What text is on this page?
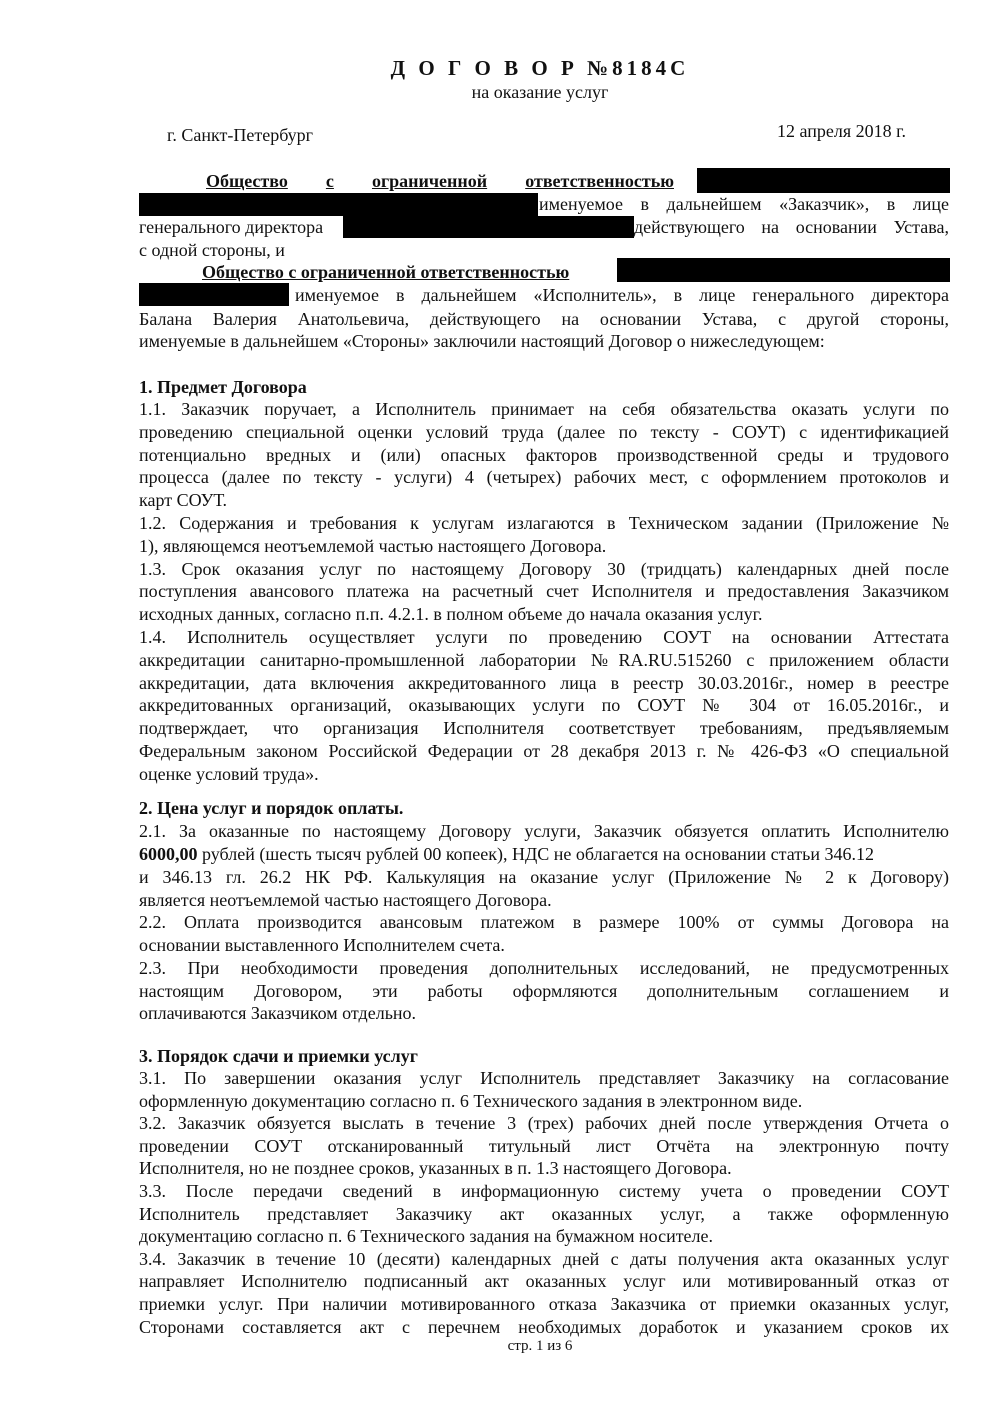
Д О Г О В О Р №8184С
на оказание услуг
г. Санкт-Петербург	12 апреля 2018 г.
Общество с ограниченной ответственностью
именуемое в дальнейшем «Заказчик», в лице
генерального директора	действующего на основании Устава,
с одной стороны, и
Общество с ограниченной ответственностью
именуемое в дальнейшем «Исполнитель», в лице генерального директора
Балана Валерия Анатольевича, действующего на основании Устава, с другой стороны,
именуемые в дальнейшем «Стороны» заключили настоящий Договор о нижеследующем:
1. Предмет Договора
1.1. Заказчик поручает, а Исполнитель принимает на себя обязательства оказать услуги по
проведению специальной оценки условий труда (далее по тексту - СОУТ) с идентификацией
потенциально вредных и (или) опасных факторов производственной среды и трудового
процесса (далее по тексту - услуги) 4 (четырех) рабочих мест, с оформлением протоколов и
карт СОУТ.
1.2. Содержания и требования к услугам излагаются в Техническом задании (Приложение №
1), являющемся неотъемлемой частью настоящего Договора.
1.3. Срок оказания услуг по настоящему Договору 30 (тридцать) календарных дней после
поступления авансового платежа на расчетный счет Исполнителя и предоставления Заказчиком
исходных данных, согласно п.п. 4.2.1. в полном объеме до начала оказания услуг.
1.4. Исполнитель осуществляет услуги по проведению СОУТ на основании Аттестата
аккредитации санитарно-промышленной лаборатории №RA.RU.515260 с приложением области
аккредитации, дата включения аккредитованного лица в реестр 30.03.2016г., номер в реестре
аккредитованных организаций, оказывающих услуги по СОУТ № 304 от 16.05.2016г., и
подтверждает, что организация Исполнителя соответствует требованиям, предъявляемым
Федеральным законом Российской Федерации от 28 декабря 2013 г. № 426-ФЗ «О специальной
оценке условий труда».
2. Цена услуг и порядок оплаты.
2.1. За оказанные по настоящему Договору услуги, Заказчик обязуется оплатить Исполнителю
6000,00 рублей (шесть тысяч рублей 00 копеек), НДС не облагается на основании статьи 346.12
и 346.13 гл. 26.2 НК РФ. Калькуляция на оказание услуг (Приложение № 2 к Договору)
является неотъемлемой частью настоящего Договора.
2.2. Оплата производится авансовым платежом в размере 100% от суммы Договора на
основании выставленного Исполнителем счета.
2.3. При необходимости проведения дополнительных исследований, не предусмотренных
настоящим Договором, эти работы оформляются дополнительным соглашением и
оплачиваются Заказчиком отдельно.
3. Порядок сдачи и приемки услуг
3.1. По завершении оказания услуг Исполнитель представляет Заказчику на согласование
оформленную документацию согласно п. 6 Технического задания в электронном виде.
3.2. Заказчик обязуется выслать в течение 3 (трех) рабочих дней после утверждения Отчета о
проведении СОУТ отсканированный титульный лист Отчёта на электронную почту
Исполнителя, но не позднее сроков, указанных в п. 1.3 настоящего Договора.
3.3. После передачи сведений в информационную систему учета о проведении СОУТ
Исполнитель представляет Заказчику акт оказанных услуг, а также оформленную
документацию согласно п. 6 Технического задания на бумажном носителе.
3.4. Заказчик в течение 10 (десяти) календарных дней с даты получения акта оказанных услуг
направляет Исполнителю подписанный акт оказанных услуг или мотивированный отказ от
приемки услуг. При наличии мотивированного отказа Заказчика от приемки оказанных услуг,
Сторонами составляется акт с перечнем необходимых доработок и указанием сроков их
стр. 1 из 6
